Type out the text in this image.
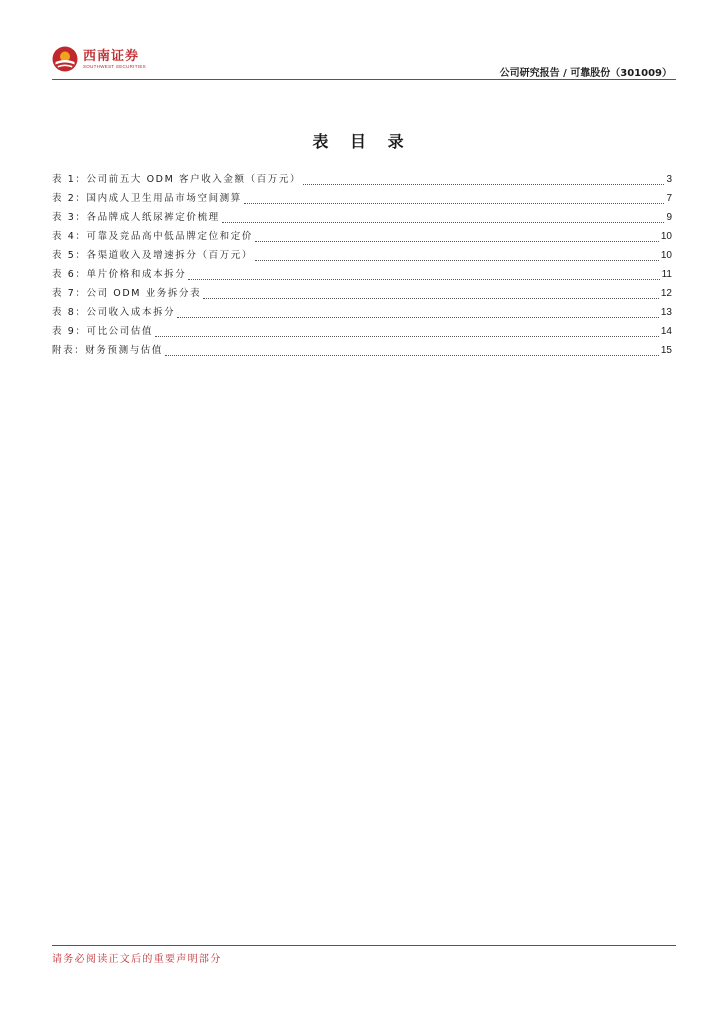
西南证券
SOUTHWEST SECURITIES
公司研究报告 / 可靠股份（301009）
表 目 录
表 1：公司前五大 ODM 客户收入金额（百万元）	3
表 2：国内成人卫生用品市场空间测算	7
表 3：各品牌成人纸尿裤定价梳理	9
表 4：可靠及竞品高中低品牌定位和定价	10
表 5：各渠道收入及增速拆分（百万元）	10
表 6：单片价格和成本拆分	11
表 7：公司 ODM 业务拆分表	12
表 8：公司收入成本拆分	13
表 9：可比公司估值	14
附表：财务预测与估值	15
请务必阅读正文后的重要声明部分
